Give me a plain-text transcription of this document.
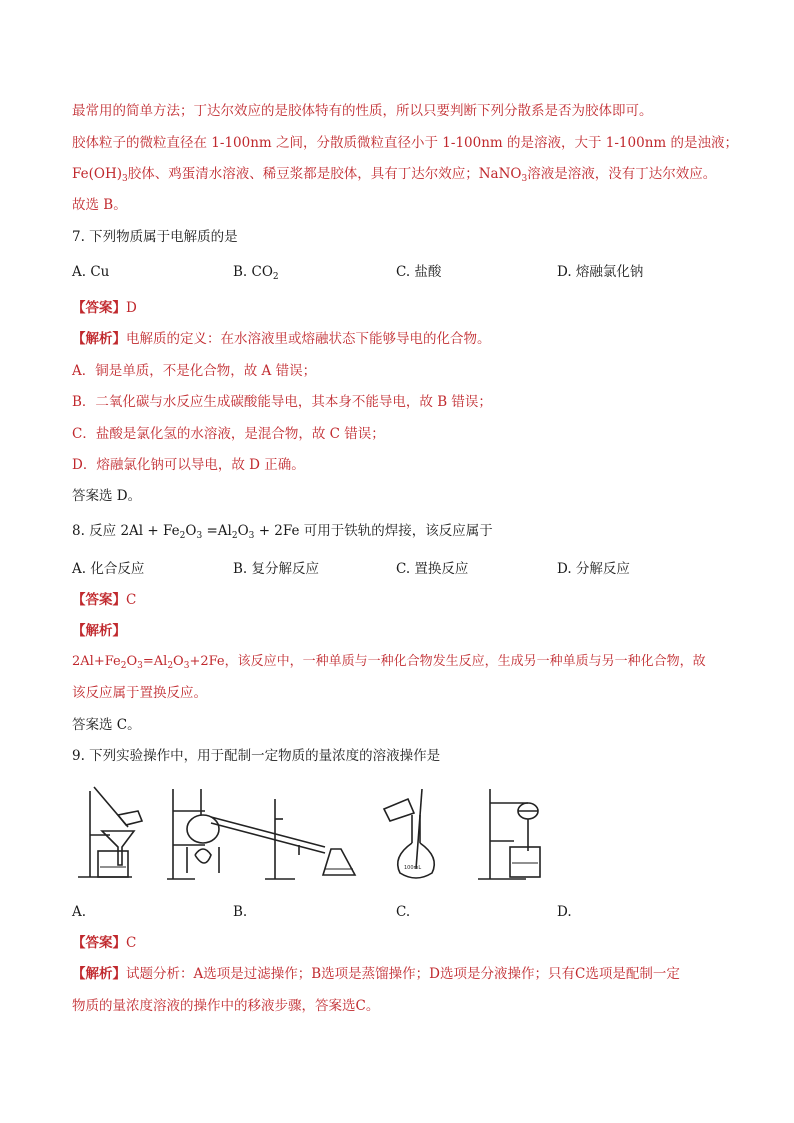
最常用的简单方法；丁达尔效应的是胶体特有的性质，所以只要判断下列分散系是否为胶体即可。
胶体粒子的微粒直径在 1-100nm 之间，分散质微粒直径小于 1-100nm 的是溶液，大于 1-100nm 的是浊液；
$Fe(OH)_3$胶体、鸡蛋清水溶液、稀豆浆都是胶体，具有丁达尔效应；NaNO$_3$溶液是溶液，没有丁达尔效应。
故选 B。
7. 下列物质属于电解质的是
A. Cu	B. $CO_2$	C. 盐酸	D. 熔融氯化钠
【答案】D
【解析】电解质的定义：在水溶液里或熔融状态下能够导电的化合物。
A．铜是单质，不是化合物，故 A 错误；
B．二氧化碳与水反应生成碳酸能导电，其本身不能导电，故 B 错误；
C．盐酸是氯化氢的水溶液，是混合物，故 C 错误；
D．熔融氯化钠可以导电，故 D 正确。
答案选 D。
8. 反应 $2Al + Fe_2O_3 =Al_2O_3 + 2Fe$ 可用于铁轨的焊接，该反应属于
A. 化合反应	B. 复分解反应	C. 置换反应	D. 分解反应
【答案】C
【解析】
$2Al+Fe_2O_3=Al_2O_3+2Fe$，该反应中，一种单质与一种化合物发生反应，生成另一种单质与另一种化合物，故
该反应属于置换反应。
答案选 C。
9. 下列实验操作中，用于配制一定物质的量浓度的溶液操作是
100mL
A.	B.	C.	D.
【答案】C
【解析】试题分析：A选项是过滤操作；B选项是蒸馏操作；D选项是分液操作；只有C选项是配制一定
物质的量浓度溶液的操作中的移液步骤，答案选C。
